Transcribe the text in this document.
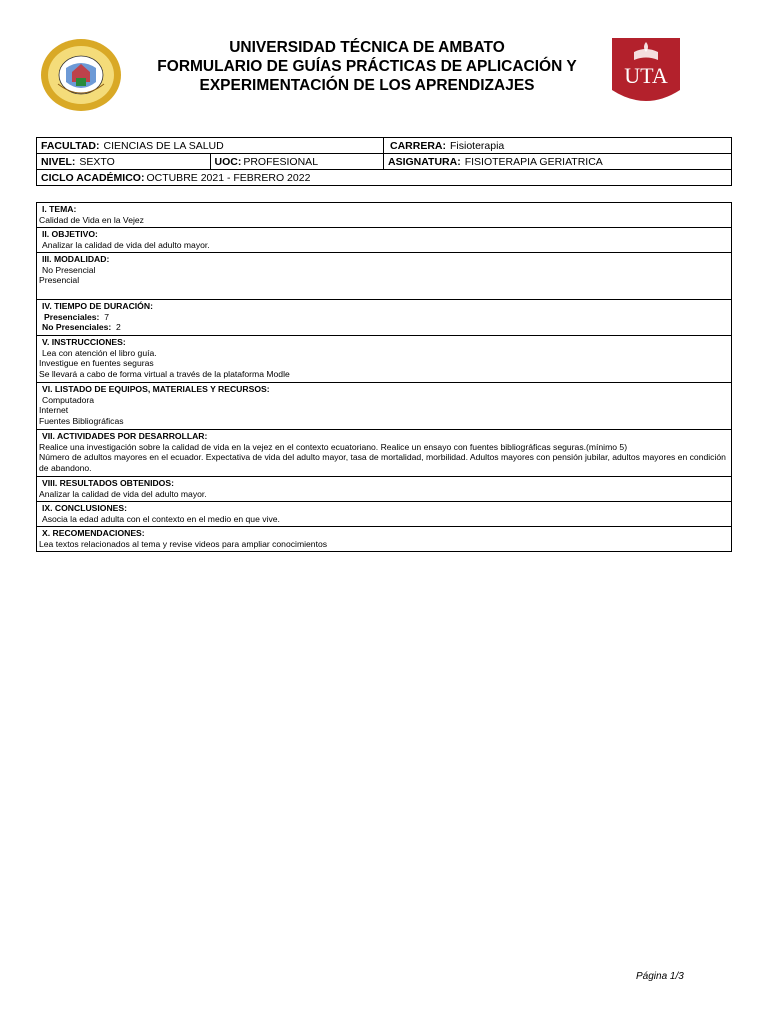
UNIVERSIDAD TÉCNICA DE AMBATO
FORMULARIO DE GUÍAS PRÁCTICAS DE APLICACIÓN Y
EXPERIMENTACIÓN DE LOS APRENDIZAJES	UTA
FACULTAD: CIENCIAS DE LA SALUD		CARRERA: Fisioterapia
NIVEL: SEXTO	UOC: PROFESIONAL	ASIGNATURA: FISIOTERAPIA GERIATRICA
CICLO ACADÉMICO: OCTUBRE 2021 - FEBRERO 2022		
I. TEMA:
Calidad de Vida en la Vejez
II. OBJETIVO:
Analizar la calidad de vida del adulto mayor.
III. MODALIDAD:
No Presencial
Presencial
IV. TIEMPO DE DURACIÓN:
Presenciales: 7
No Presenciales: 2
V. INSTRUCCIONES:
Lea con atención el libro guía.
Investigue en fuentes seguras
Se llevará a cabo de forma virtual a través de la plataforma Modle
VI. LISTADO DE EQUIPOS, MATERIALES Y RECURSOS:
Computadora
Internet
Fuentes Bibliográficas
VII. ACTIVIDADES POR DESARROLLAR:
Realice una investigación sobre la calidad de vida en la vejez en el contexto ecuatoriano. Realice un ensayo con fuentes bibliográficas seguras.(mínimo 5)
Número de adultos mayores en el ecuador. Expectativa de vida del adulto mayor, tasa de mortalidad, morbilidad. Adultos mayores con pensión jubilar, adultos mayores en condición de abandono.
VIII. RESULTADOS OBTENIDOS:
Analizar la calidad de vida del adulto mayor.
IX. CONCLUSIONES:
Asocia la edad adulta con el contexto en el medio en que vive.
X. RECOMENDACIONES:
Lea textos relacionados al tema y revise videos para ampliar conocimientos
Página 1/3
